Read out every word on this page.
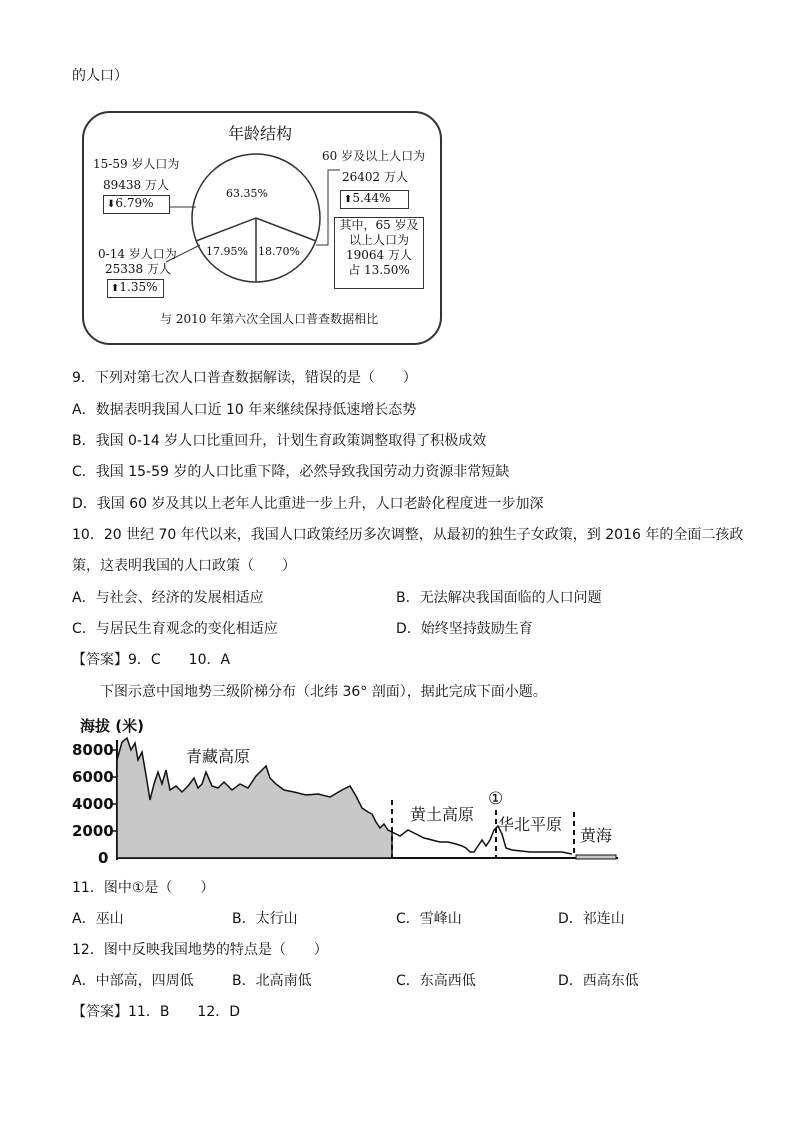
的人口）
年龄结构
63.35%
17.95% 18.70%
15-59 岁人口为
89438 万人
⬇6.79%
0-14 岁人口为
25338 万人
⬆1.35%
60 岁及以上人口为
26402 万人
⬆5.44%
其中，65 岁及
以上人口为
19064 万人
占 13.50%
与 2010 年第六次全国人口普查数据相比
9．下列对第七次人口普查数据解读，错误的是（　　）
A．数据表明我国人口近 10 年来继续保持低速增长态势
B．我国 0-14 岁人口比重回升，计划生育政策调整取得了积极成效
C．我国 15-59 岁的人口比重下降，必然导致我国劳动力资源非常短缺
D．我国 60 岁及其以上老年人比重进一步上升，人口老龄化程度进一步加深
10．20 世纪 70 年代以来，我国人口政策经历多次调整，从最初的独生子女政策，到 2016 年的全面二孩政
策，这表明我国的人口政策（　　）
A．与社会、经济的发展相适应	B．无法解决我国面临的人口问题
C．与居民生育观念的变化相适应	D．始终坚持鼓励生育
【答案】9．C　　10．A
下图示意中国地势三级阶梯分布（北纬 36° 剖面），据此完成下面小题。
海拔 (米)
8000
6000
4000
2000
0
青藏高原
黄土高原
①
华北平原
黄海
11．图中①是（　　）
A．巫山	B．太行山	C．雪峰山	D．祁连山
12．图中反映我国地势的特点是（　　）
A．中部高，四周低	B．北高南低	C．东高西低	D．西高东低
【答案】11．B　　12．D
